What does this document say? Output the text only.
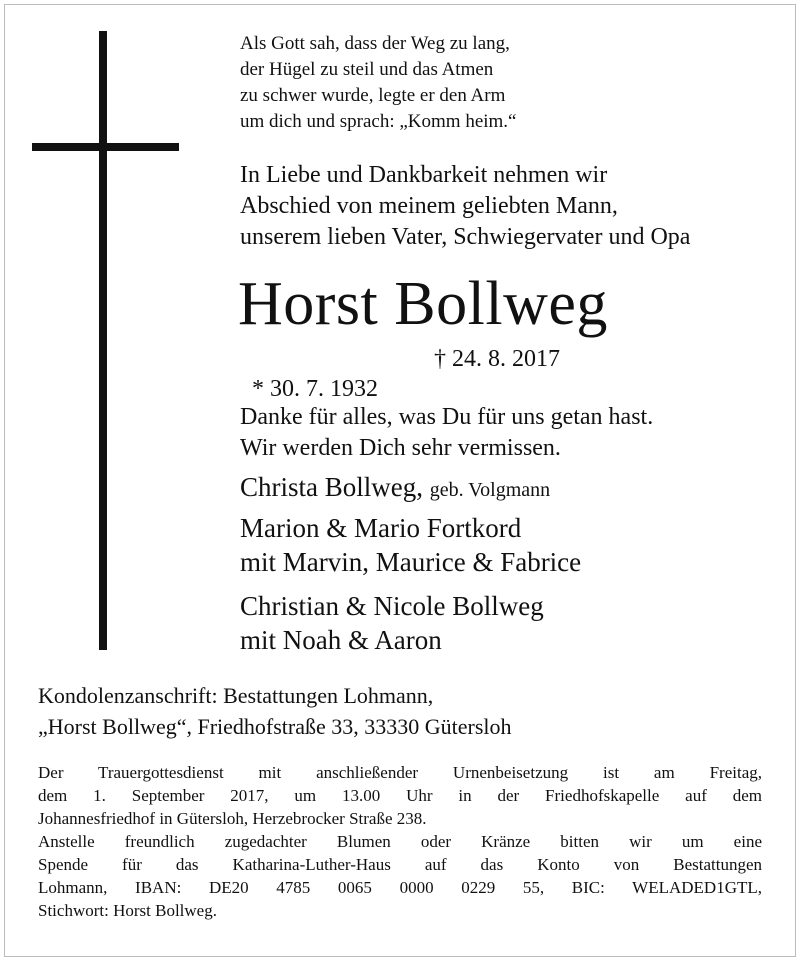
Als Gott sah, dass der Weg zu lang,
der Hügel zu steil und das Atmen
zu schwer wurde, legte er den Arm
um dich und sprach: „Komm heim.“
In Liebe und Dankbarkeit nehmen wir
Abschied von meinem geliebten Mann,
unserem lieben Vater, Schwiegervater und Opa
Horst Bollweg

* 30. 7. 1932

† 24. 8. 2017

Danke für alles, was Du für uns getan hast.
Wir werden Dich sehr vermissen.
Christa Bollweg, geb. Volgmann
Marion & Mario Fortkord
mit Marvin, Maurice & Fabrice
Christian & Nicole Bollweg
mit Noah & Aaron
Kondolenzanschrift: Bestattungen Lohmann,
„Horst Bollweg“, Friedhofstraße 33, 33330 Gütersloh
Der Trauergottesdienst mit anschließender Urnenbeisetzung ist am Freitag,
dem 1. September 2017, um 13.00 Uhr in der Friedhofskapelle auf dem
Johannesfriedhof in Gütersloh, Herzebrocker Straße 238.
Anstelle freundlich zugedachter Blumen oder Kränze bitten wir um eine
Spende für das Katharina-Luther-Haus auf das Konto von Bestattungen
Lohmann, IBAN: DE20 4785 0065 0000 0229 55, BIC: WELADED1GTL,
Stichwort: Horst Bollweg.
